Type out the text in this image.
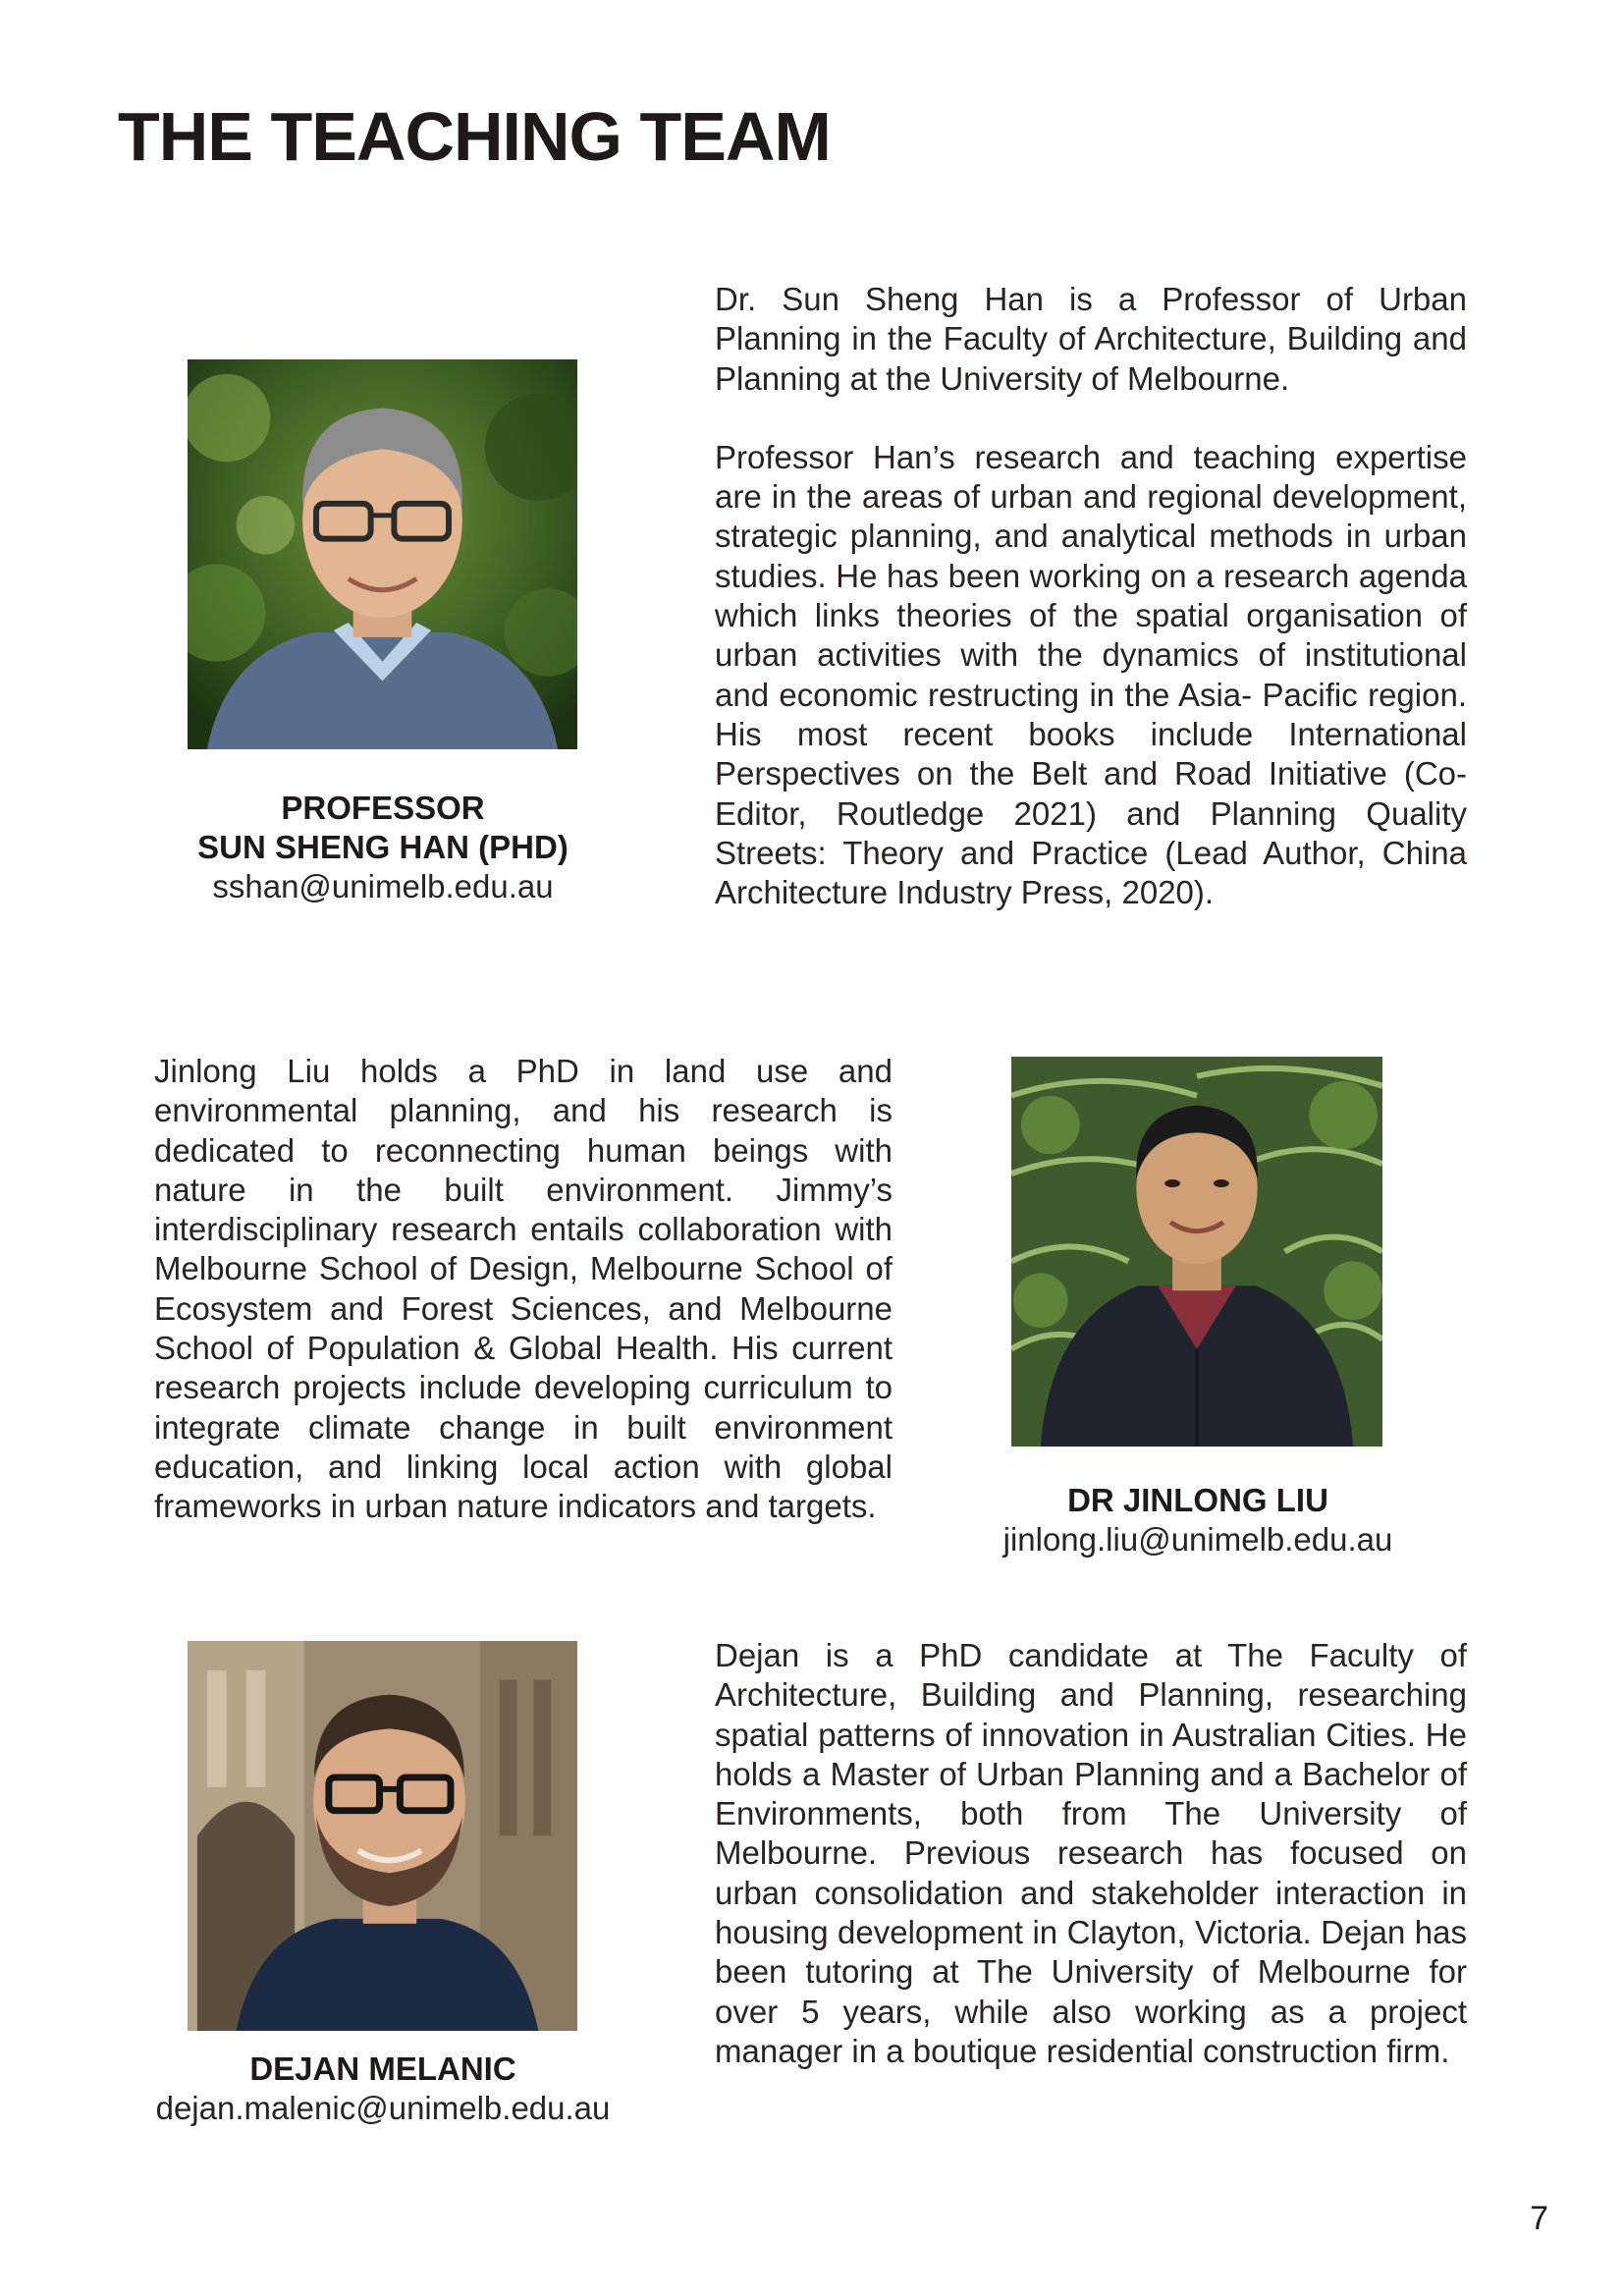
THE TEACHING TEAM
PROFESSOR
SUN SHENG HAN (PHD)
sshan@unimelb.edu.au

Dr. Sun Sheng Han is a Professor of Urban Planning in the Faculty of Architecture, Building and Planning at the University of Melbourne.

Professor Han’s research and teaching expertise are in the areas of urban and regional development, strategic planning, and analytical methods in urban studies. He has been working on a research agenda which links theories of the spatial organisation of urban activities with the dynamics of institutional and economic restructing in the Asia- Pacific region. His most recent books include International Perspectives on the Belt and Road Initiative (Co-Editor, Routledge 2021) and Planning Quality Streets: Theory and Practice (Lead Author, China Architecture Industry Press, 2020).

Jinlong Liu holds a PhD in land use and environmental planning, and his research is dedicated to reconnecting human beings with nature in the built environment. Jimmy’s interdisciplinary research entails collaboration with Melbourne School of Design, Melbourne School of Ecosystem and Forest Sciences, and Melbourne School of Population & Global Health. His current research projects include developing curriculum to integrate climate change in built environment education, and linking local action with global frameworks in urban nature indicators and targets.	DR JINLONG LIU
jinlong.liu@unimelb.edu.au
DEJAN MELANIC
dejan.malenic@unimelb.edu.au

Dejan is a PhD candidate at The Faculty of Architecture, Building and Planning, researching spatial patterns of innovation in Australian Cities. He holds a Master of Urban Planning and a Bachelor of Environments, both from The University of Melbourne. Previous research has focused on urban consolidation and stakeholder interaction in housing development in Clayton, Victoria. Dejan has been tutoring at The University of Melbourne for over 5 years, while also working as a project manager in a boutique residential construction firm.

7
